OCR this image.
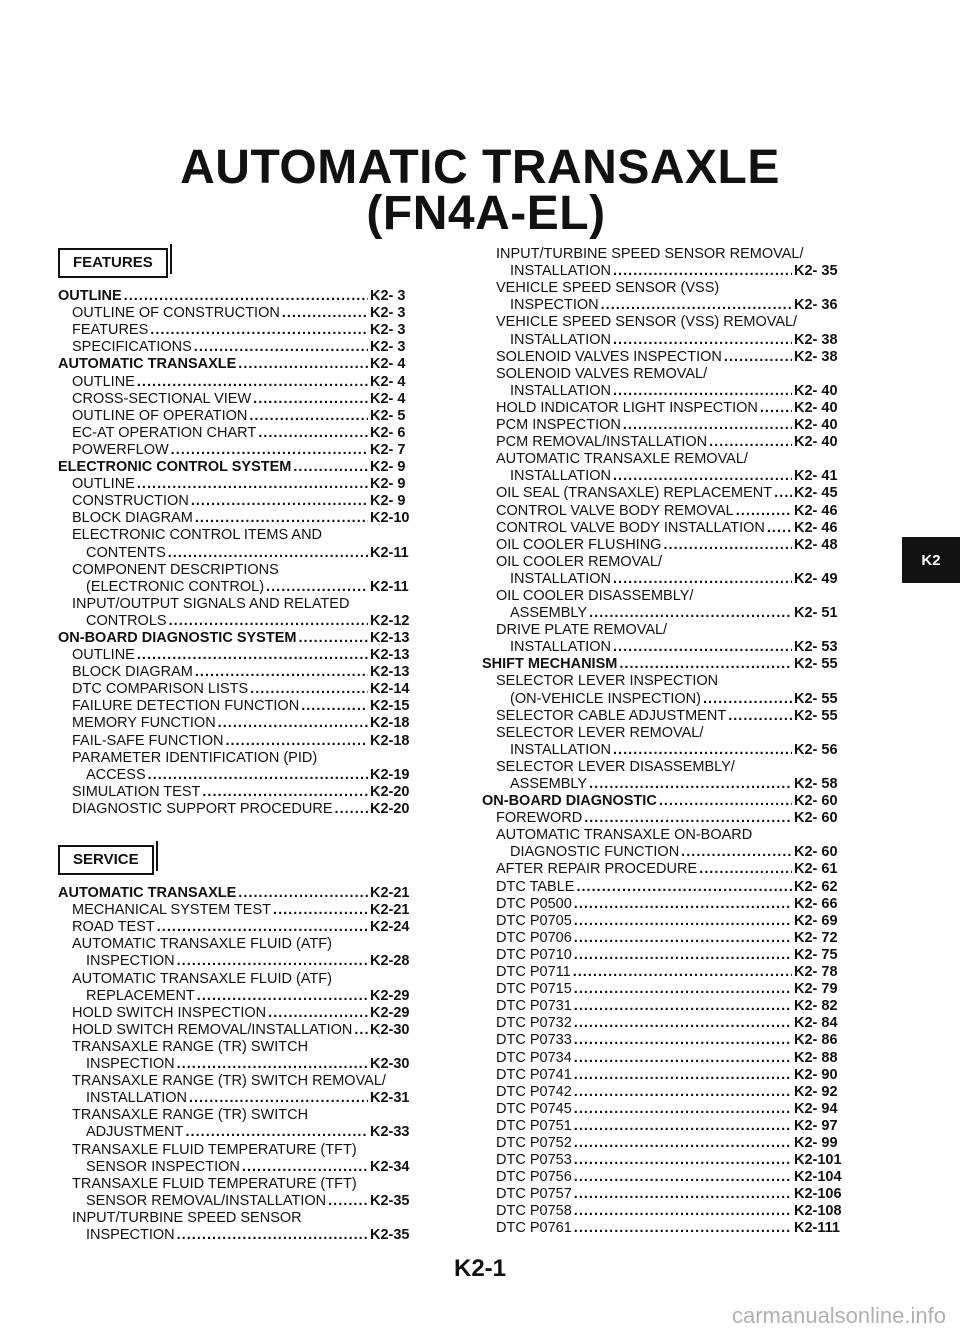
AUTOMATIC TRANSAXLE
(FN4A-EL)
FEATURES
OUTLINE . . .	K2- 3
OUTLINE OF CONSTRUCTION . . .	K2- 3
FEATURES . . .	K2- 3
SPECIFICATIONS . . .	K2- 3
AUTOMATIC TRANSAXLE . . .	K2- 4
OUTLINE . . .	K2- 4
CROSS-SECTIONAL VIEW . . .	K2- 4
OUTLINE OF OPERATION . . .	K2- 5
EC-AT OPERATION CHART . . .	K2- 6
POWERFLOW . . .	K2- 7
ELECTRONIC CONTROL SYSTEM . . .	K2- 9
OUTLINE . . .	K2- 9
CONSTRUCTION . . .	K2- 9
BLOCK DIAGRAM . . .	K2-10
ELECTRONIC CONTROL ITEMS AND
CONTENTS . . .	K2-11
COMPONENT DESCRIPTIONS
(ELECTRONIC CONTROL) . . .	K2-11
INPUT/OUTPUT SIGNALS AND RELATED
CONTROLS . . .	K2-12
ON-BOARD DIAGNOSTIC SYSTEM . . .	K2-13
OUTLINE . . .	K2-13
BLOCK DIAGRAM . . .	K2-13
DTC COMPARISON LISTS . . .	K2-14
FAILURE DETECTION FUNCTION . . .	K2-15
MEMORY FUNCTION . . .	K2-18
FAIL-SAFE FUNCTION . . .	K2-18
PARAMETER IDENTIFICATION (PID)
ACCESS . . .	K2-19
SIMULATION TEST . . .	K2-20
DIAGNOSTIC SUPPORT PROCEDURE . . .	K2-20
SERVICE
AUTOMATIC TRANSAXLE . . .	K2-21
MECHANICAL SYSTEM TEST . . .	K2-21
ROAD TEST . . .	K2-24
AUTOMATIC TRANSAXLE FLUID (ATF)
INSPECTION . . .	K2-28
AUTOMATIC TRANSAXLE FLUID (ATF)
REPLACEMENT . . .	K2-29
HOLD SWITCH INSPECTION . . .	K2-29
HOLD SWITCH REMOVAL/INSTALLATION . . . K2-30
TRANSAXLE RANGE (TR) SWITCH
INSPECTION . . .	K2-30
TRANSAXLE RANGE (TR) SWITCH REMOVAL/
INSTALLATION . . .	K2-31
TRANSAXLE RANGE (TR) SWITCH
ADJUSTMENT . . .	K2-33
TRANSAXLE FLUID TEMPERATURE (TFT)
SENSOR INSPECTION . . .	K2-34
TRANSAXLE FLUID TEMPERATURE (TFT)
SENSOR REMOVAL/INSTALLATION . . .	K2-35
INPUT/TURBINE SPEED SENSOR
INSPECTION . . .	K2-35
INPUT/TURBINE SPEED SENSOR REMOVAL/
INSTALLATION . . .	K2- 35
VEHICLE SPEED SENSOR (VSS)
INSPECTION . . .	K2- 36
VEHICLE SPEED SENSOR (VSS) REMOVAL/
INSTALLATION . . .	K2- 38
SOLENOID VALVES INSPECTION . . .	K2- 38
SOLENOID VALVES REMOVAL/
INSTALLATION . . .	K2- 40
HOLD INDICATOR LIGHT INSPECTION . . . K2- 40
PCM INSPECTION . . .	K2- 40
PCM REMOVAL/INSTALLATION . . .	K2- 40
AUTOMATIC TRANSAXLE REMOVAL/
INSTALLATION . . .	K2- 41
OIL SEAL (TRANSAXLE) REPLACEMENT . . . K2- 45
CONTROL VALVE BODY REMOVAL . . .	K2- 46
CONTROL VALVE BODY INSTALLATION . . . K2- 46
OIL COOLER FLUSHING . . .	K2- 48
OIL COOLER REMOVAL/
INSTALLATION . . .	K2- 49
OIL COOLER DISASSEMBLY/
ASSEMBLY . . .	K2- 51
DRIVE PLATE REMOVAL/
INSTALLATION . . .	K2- 53
SHIFT MECHANISM . . .	K2- 55
SELECTOR LEVER INSPECTION
(ON-VEHICLE INSPECTION) . . .	K2- 55
SELECTOR CABLE ADJUSTMENT . . .	K2- 55
SELECTOR LEVER REMOVAL/
INSTALLATION . . .	K2- 56
SELECTOR LEVER DISASSEMBLY/
ASSEMBLY . . .	K2- 58
ON-BOARD DIAGNOSTIC . . .	K2- 60
FOREWORD . . .	K2- 60
AUTOMATIC TRANSAXLE ON-BOARD
DIAGNOSTIC FUNCTION . . .	K2- 60
AFTER REPAIR PROCEDURE . . .	K2- 61
DTC TABLE . . .	K2- 62
DTC P0500 . . .	K2- 66
DTC P0705 . . .	K2- 69
DTC P0706 . . .	K2- 72
DTC P0710 . . .	K2- 75
DTC P0711 . . .	K2- 78
DTC P0715 . . .	K2- 79
DTC P0731 . . .	K2- 82
DTC P0732 . . .	K2- 84
DTC P0733 . . .	K2- 86
DTC P0734 . . .	K2- 88
DTC P0741 . . .	K2- 90
DTC P0742 . . .	K2- 92
DTC P0745 . . .	K2- 94
DTC P0751 . . .	K2- 97
DTC P0752 . . .	K2- 99
DTC P0753 . . .	K2-101
DTC P0756 . . .	K2-104
DTC P0757 . . .	K2-106
DTC P0758 . . .	K2-108
DTC P0761 . . .	K2-111
K2
K2-1
carmanualsonline.info
